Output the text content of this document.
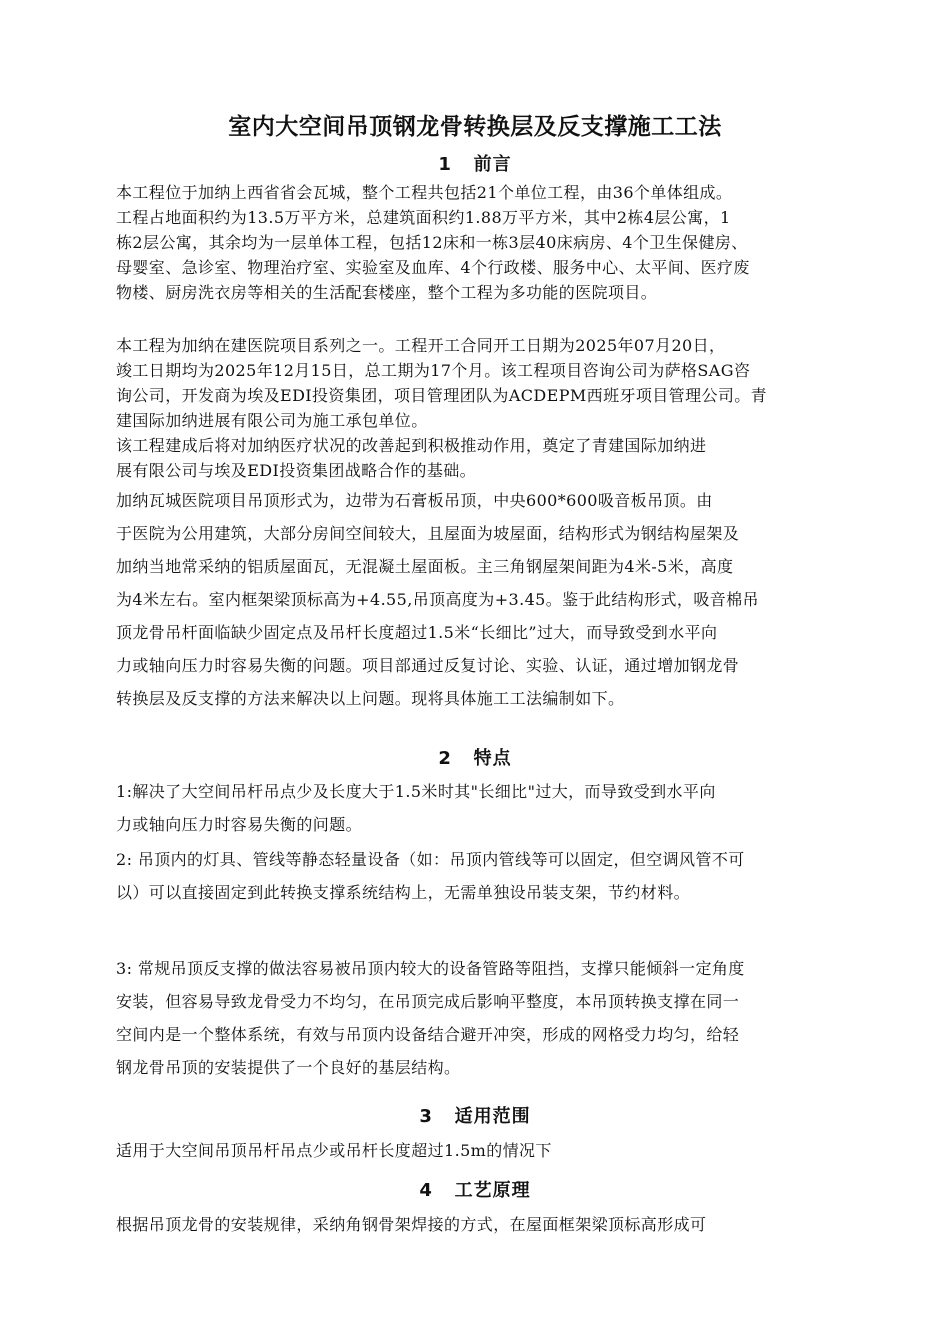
室内大空间吊顶钢龙骨转换层及反支撑施工工法
1   前言
本工程位于加纳上西省省会瓦城，整个工程共包括21个单位工程，由36个单体组成。
工程占地面积约为13.5万平方米，总建筑面积约1.88万平方米，其中2栋4层公寓，1
栋2层公寓，其余均为一层单体工程，包括12床和一栋3层40床病房、4个卫生保健房、
母婴室、急诊室、物理治疗室、实验室及血库、4个行政楼、服务中心、太平间、医疗废
物楼、厨房洗衣房等相关的生活配套楼座，整个工程为多功能的医院项目。
本工程为加纳在建医院项目系列之一。工程开工合同开工日期为2025年07月20日，
竣工日期均为2025年12月15日，总工期为17个月。该工程项目咨询公司为萨格SAG咨
询公司，开发商为埃及EDI投资集团，项目管理团队为ACDEPM西班牙项目管理公司。青
建国际加纳进展有限公司为施工承包单位。
该工程建成后将对加纳医疗状况的改善起到积极推动作用，奠定了青建国际加纳进
展有限公司与埃及EDI投资集团战略合作的基础。
加纳瓦城医院项目吊顶形式为，边带为石膏板吊顶，中央600*600吸音板吊顶。由
于医院为公用建筑，大部分房间空间较大，且屋面为坡屋面，结构形式为钢结构屋架及
加纳当地常采纳的铝质屋面瓦，无混凝土屋面板。主三角钢屋架间距为4米-5米，高度
为4米左右。室内框架梁顶标高为+4.55,吊顶高度为+3.45。鉴于此结构形式，吸音棉吊
顶龙骨吊杆面临缺少固定点及吊杆长度超过1.5米“长细比”过大，而导致受到水平向
力或轴向压力时容易失衡的问题。项目部通过反复讨论、实验、认证，通过增加钢龙骨
转换层及反支撑的方法来解决以上问题。现将具体施工工法编制如下。
2   特点
1:解决了大空间吊杆吊点少及长度大于1.5米时其"长细比"过大，而导致受到水平向
力或轴向压力时容易失衡的问题。
2: 吊顶内的灯具、管线等静态轻量设备（如：吊顶内管线等可以固定，但空调风管不可
以）可以直接固定到此转换支撑系统结构上，无需单独设吊装支架，节约材料。
3: 常规吊顶反支撑的做法容易被吊顶内较大的设备管路等阻挡，支撑只能倾斜一定角度
安装，但容易导致龙骨受力不均匀，在吊顶完成后影响平整度，本吊顶转换支撑在同一
空间内是一个整体系统，有效与吊顶内设备结合避开冲突，形成的网格受力均匀，给轻
钢龙骨吊顶的安装提供了一个良好的基层结构。
3   适用范围
适用于大空间吊顶吊杆吊点少或吊杆长度超过1.5m的情况下
4   工艺原理
根据吊顶龙骨的安装规律，采纳角钢骨架焊接的方式，在屋面框架梁顶标高形成可
